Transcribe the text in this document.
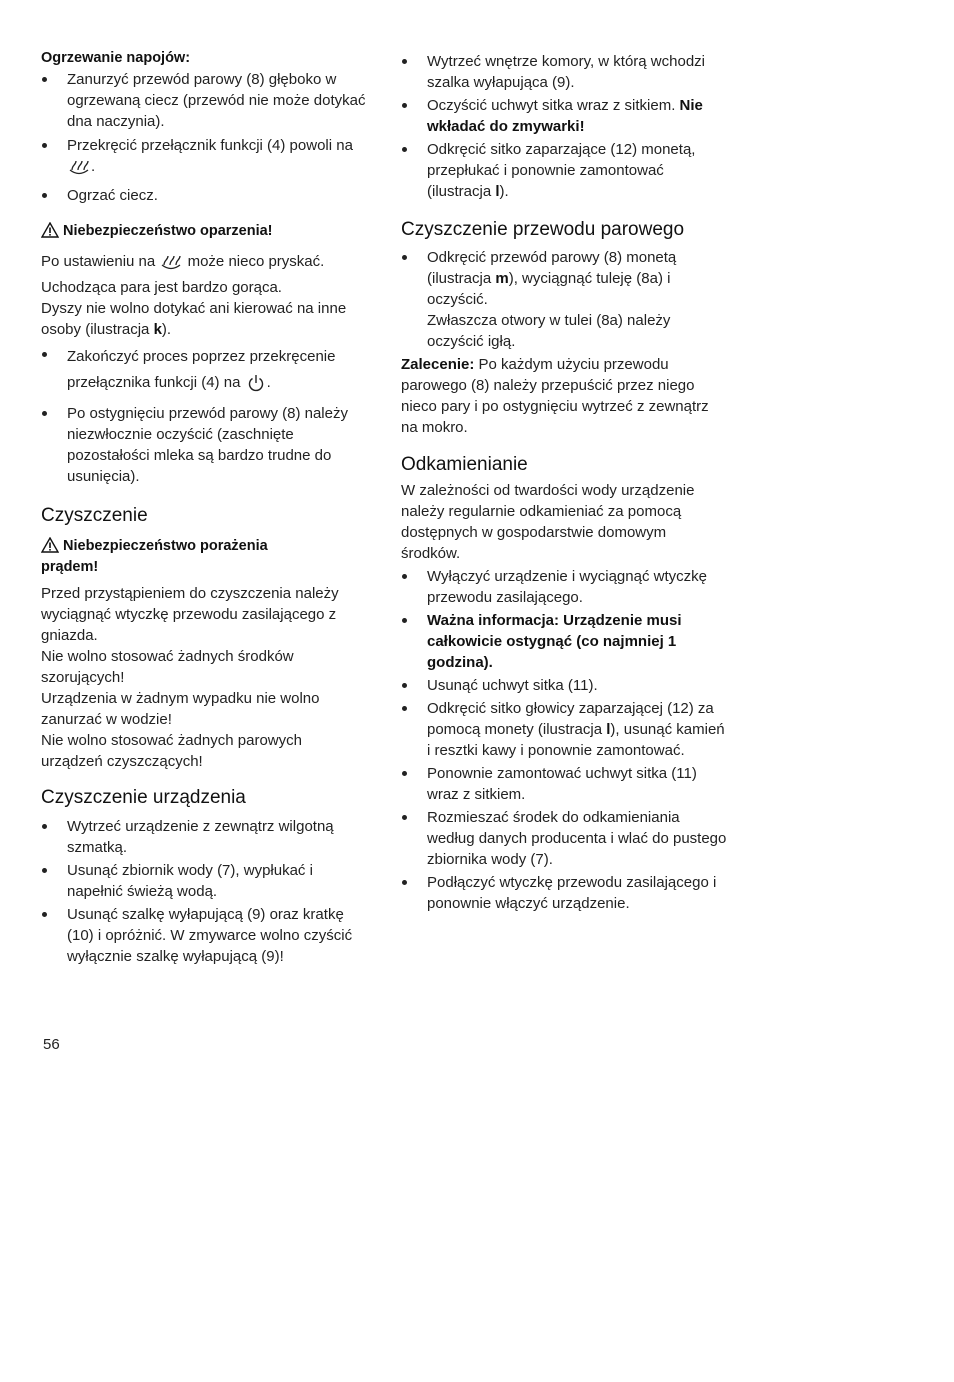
Ogrzewanie napojów:

Zanurzyć przewód parowy (8) głęboko w ogrzewaną ciecz (przewód nie może dotykać dna naczynia).
Przekręcić przełącznik funkcji (4) powoli na .
Ogrzać ciecz.
Niebezpieczeństwo oparzenia!

Po ustawieniu na może nieco pryskać. Uchodząca para jest bardzo gorąca.
Dyszy nie wolno dotykać ani kierować na inne osoby (ilustracja k).

Zakończyć proces poprzez przekręcenie przełącznika funkcji (4) na .
Po ostygnięciu przewód parowy (8) należy niezwłocznie oczyścić (zaschnięte pozostałości mleka są bardzo trudne do usunięcia).
Czyszczenie
Niebezpieczeństwo porażenia
prądem!

Przed przystąpieniem do czyszczenia należy wyciągnąć wtyczkę przewodu zasilającego z gniazda.

Nie wolno stosować żadnych środków szorujących!

Urządzenia w żadnym wypadku nie wolno zanurzać w wodzie!

Nie wolno stosować żadnych parowych urządzeń czyszczących!

Czyszczenie urządzenia
Wytrzeć urządzenie z zewnątrz wilgotną szmatką.
Usunąć zbiornik wody (7), wypłukać i napełnić świeżą wodą.
Usunąć szalkę wyłapującą (9) oraz kratkę (10) i opróżnić. W zmywarce wolno czyścić wyłącznie szalkę wyłapującą (9)!
Wytrzeć wnętrze komory, w którą wchodzi szalka wyłapująca (9).
Oczyścić uchwyt sitka wraz z sitkiem. Nie wkładać do zmywarki!
Odkręcić sitko zaparzające (12) monetą, przepłukać i ponownie zamontować (ilustracja l).
Czyszczenie przewodu parowego
Odkręcić przewód parowy (8) monetą (ilustracja m), wyciągnąć tuleję (8a) i oczyścić.
Zwłaszcza otwory w tulei (8a) należy oczyścić igłą.

Zalecenie: Po każdym użyciu przewodu parowego (8) należy przepuścić przez niego nieco pary i po ostygnięciu wytrzeć z zewnątrz na mokro.

Odkamienianie

W zależności od twardości wody urządzenie należy regularnie odkamieniać za pomocą dostępnych w gospodarstwie domowym środków.

Wyłączyć urządzenie i wyciągnąć wtyczkę przewodu zasilającego.
Ważna informacja: Urządzenie musi całkowicie ostygnąć (co najmniej 1 godzina).
Usunąć uchwyt sitka (11).
Odkręcić sitko głowicy zaparzającej (12) za pomocą monety (ilustracja l), usunąć kamień i resztki kawy i ponownie zamontować.
Ponownie zamontować uchwyt sitka (11) wraz z sitkiem.
Rozmieszać środek do odkamieniania według danych producenta i wlać do pustego zbiornika wody (7).
Podłączyć wtyczkę przewodu zasilającego i ponownie włączyć urządzenie.
56
